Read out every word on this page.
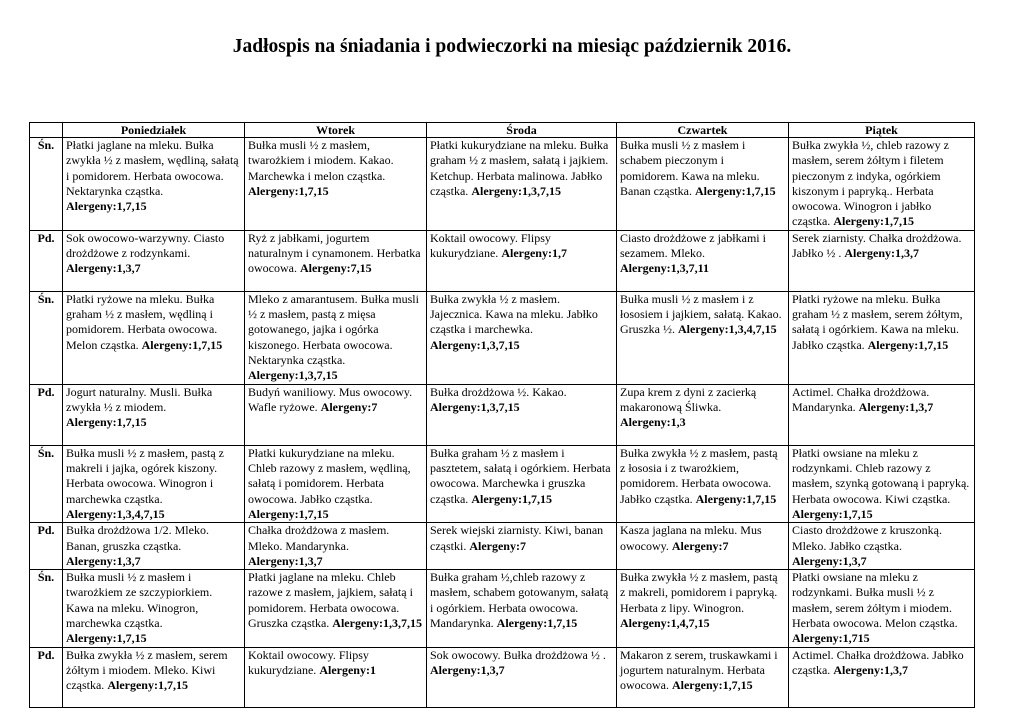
Jadłospis na śniadania i podwieczorki na miesiąc październik 2016.
	Poniedziałek	Wtorek	Środa	Czwartek	Piątek
Śn.	Płatki jaglane na mleku. Bułka zwykła ½ z masłem, wędliną, sałatą i pomidorem. Herbata owocowa. Nektarynka cząstka. Alergeny:1,7,15	Bułka musli ½ z masłem, twarożkiem i miodem. Kakao. Marchewka i melon cząstka. Alergeny:1,7,15	Płatki kukurydziane na mleku. Bułka graham ½ z masłem, sałatą i jajkiem. Ketchup. Herbata malinowa. Jabłko cząstka. Alergeny:1,3,7,15	Bułka musli ½ z masłem i schabem pieczonym i pomidorem. Kawa na mleku. Banan cząstka. Alergeny:1,7,15	Bułka zwykła ½, chleb razowy z masłem, serem żółtym i filetem pieczonym z indyka, ogórkiem kiszonym i papryką.. Herbata owocowa. Winogron i jabłko cząstka. Alergeny:1,7,15
Pd.	Sok owocowo-warzywny. Ciasto drożdżowe z rodzynkami. Alergeny:1,3,7	Ryż z jabłkami, jogurtem naturalnym i cynamonem. Herbatka owocowa. Alergeny:7,15	Koktail owocowy. Flipsy kukurydziane. Alergeny:1,7	Ciasto drożdżowe z jabłkami i sezamem. Mleko. Alergeny:1,3,7,11	Serek ziarnisty. Chałka drożdżowa. Jabłko ½ . Alergeny:1,3,7
Śn.	Płatki ryżowe na mleku. Bułka graham ½ z masłem, wędliną i pomidorem. Herbata owocowa. Melon cząstka. Alergeny:1,7,15	Mleko z amarantusem. Bułka musli ½ z masłem, pastą z mięsa gotowanego, jajka i ogórka kiszonego. Herbata owocowa. Nektarynka cząstka. Alergeny:1,3,7,15	Bułka zwykła ½ z masłem. Jajecznica. Kawa na mleku. Jabłko cząstka i marchewka. Alergeny:1,3,7,15	Bułka musli ½ z masłem i z łososiem i jajkiem, sałatą. Kakao. Gruszka ½. Alergeny:1,3,4,7,15	Płatki ryżowe na mleku. Bułka graham ½ z masłem, serem żółtym, sałatą i ogórkiem. Kawa na mleku. Jabłko cząstka. Alergeny:1,7,15
Pd.	Jogurt naturalny. Musli. Bułka zwykła ½ z miodem. Alergeny:1,7,15	Budyń waniliowy. Mus owocowy. Wafle ryżowe. Alergeny:7	Bułka drożdżowa ½. Kakao. Alergeny:1,3,7,15	Zupa krem z dyni z zacierką makaronową Śliwka. Alergeny:1,3	Actimel. Chałka drożdżowa. Mandarynka. Alergeny:1,3,7
Śn.	Bułka musli ½ z masłem, pastą z makreli i jajka, ogórek kiszony. Herbata owocowa. Winogron i marchewka cząstka. Alergeny:1,3,4,7,15	Płatki kukurydziane na mleku. Chleb razowy z masłem, wędliną, sałatą i pomidorem. Herbata owocowa. Jabłko cząstka. Alergeny:1,7,15	Bułka graham ½ z masłem i pasztetem, sałatą i ogórkiem. Herbata owocowa. Marchewka i gruszka cząstka. Alergeny:1,7,15	Bułka zwykła ½ z masłem, pastą z łososia i z twarożkiem, pomidorem. Herbata owocowa. Jabłko cząstka. Alergeny:1,7,15	Płatki owsiane na mleku z rodzynkami. Chleb razowy z masłem, szynką gotowaną i papryką. Herbata owocowa. Kiwi cząstka. Alergeny:1,7,15
Pd.	Bułka drożdżowa 1/2. Mleko. Banan, gruszka cząstka. Alergeny:1,3,7	Chałka drożdżowa z masłem. Mleko. Mandarynka. Alergeny:1,3,7	Serek wiejski ziarnisty. Kiwi, banan cząstki. Alergeny:7	Kasza jaglana na mleku. Mus owocowy. Alergeny:7	Ciasto drożdżowe z kruszonką. Mleko. Jabłko cząstka. Alergeny:1,3,7
Śn.	Bułka musli ½ z masłem i twarożkiem ze szczypiorkiem. Kawa na mleku. Winogron, marchewka cząstka. Alergeny:1,7,15	Płatki jaglane na mleku. Chleb razowe z masłem, jajkiem, sałatą i pomidorem. Herbata owocowa. Gruszka cząstka. Alergeny:1,3,7,15	Bułka graham ½,chleb razowy z masłem, schabem gotowanym, sałatą i ogórkiem. Herbata owocowa. Mandarynka. Alergeny:1,7,15	Bułka zwykła ½ z masłem, pastą z makreli, pomidorem i papryką. Herbata z lipy. Winogron. Alergeny:1,4,7,15	Płatki owsiane na mleku z rodzynkami. Bułka musli ½ z masłem, serem żółtym i miodem. Herbata owocowa. Melon cząstka. Alergeny:1,715
Pd.	Bułka zwykła ½ z masłem, serem żółtym i miodem. Mleko. Kiwi cząstka. Alergeny:1,7,15	Koktail owocowy. Flipsy kukurydziane. Alergeny:1	Sok owocowy. Bułka drożdżowa ½ . Alergeny:1,3,7	Makaron z serem, truskawkami i jogurtem naturalnym. Herbata owocowa. Alergeny:1,7,15	Actimel. Chałka drożdżowa. Jabłko cząstka. Alergeny:1,3,7
